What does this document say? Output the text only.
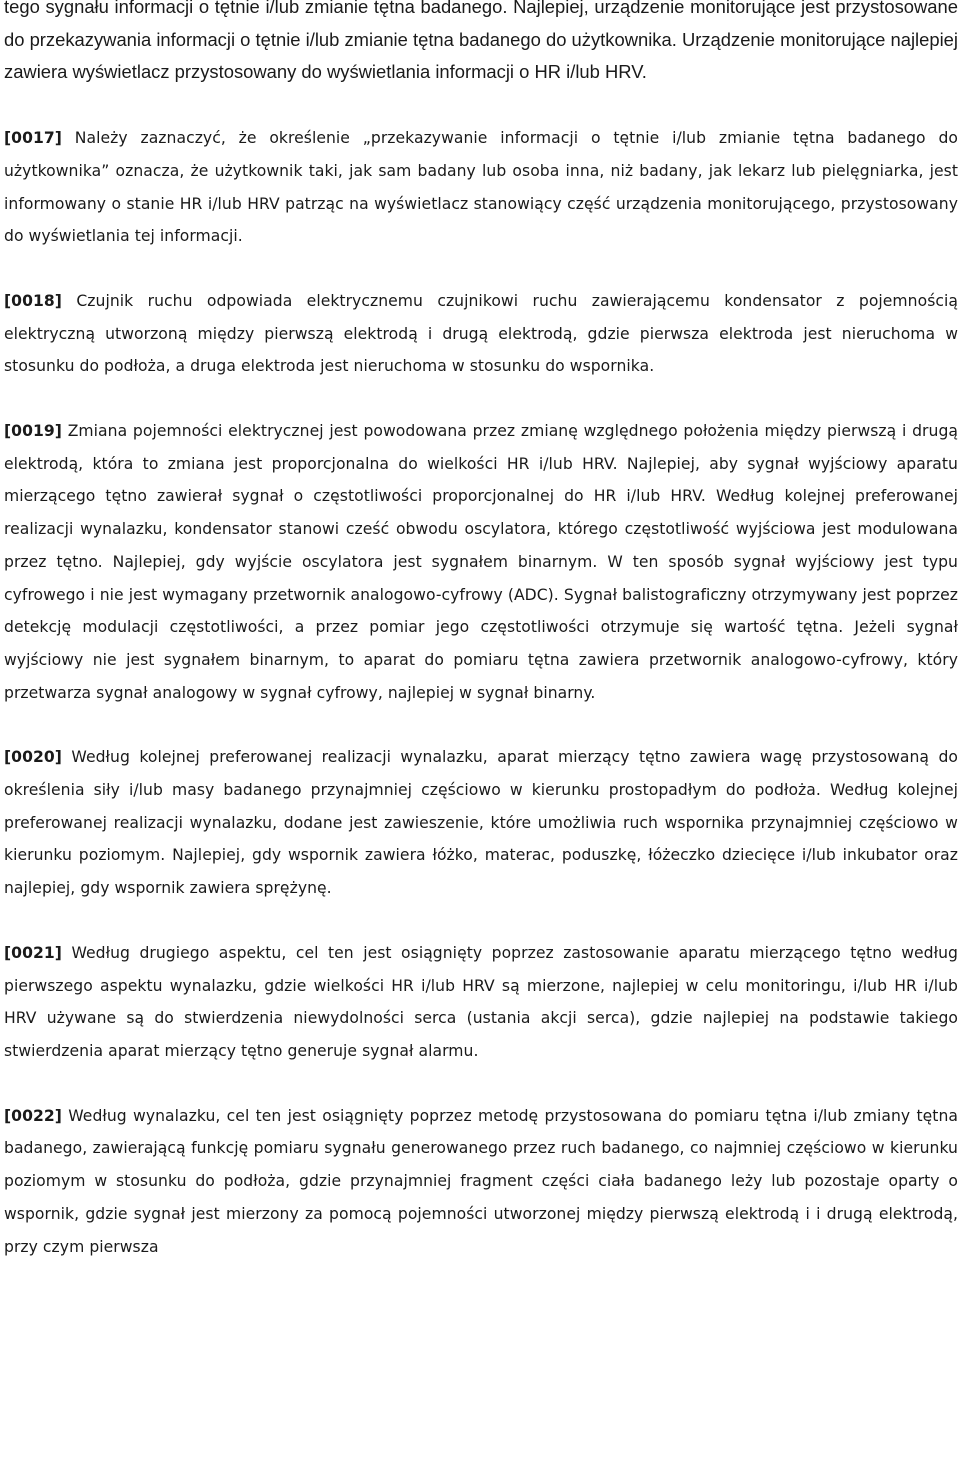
tego sygnału informacji o tętnie i/lub zmianie tętna badanego. Najlepiej, urządzenie monitorujące jest przystosowane do przekazywania informacji o tętnie i/lub zmianie tętna badanego do użytkownika. Urządzenie monitorujące najlepiej zawiera wyświetlacz przystosowany do wyświetlania informacji o HR i/lub HRV.

[0017] Należy zaznaczyć, że określenie „przekazywanie informacji o tętnie i/lub zmianie tętna badanego do użytkownika” oznacza, że użytkownik taki, jak sam badany lub osoba inna, niż badany, jak lekarz lub pielęgniarka, jest informowany o stanie HR i/lub HRV patrząc na wyświetlacz stanowiący część urządzenia monitorującego, przystosowany do wyświetlania tej informacji.

[0018] Czujnik ruchu odpowiada elektrycznemu czujnikowi ruchu zawierającemu kondensator z pojemnością elektryczną utworzoną między pierwszą elektrodą i drugą elektrodą, gdzie pierwsza elektroda jest nieruchoma w stosunku do podłoża, a druga elektroda jest nieruchoma w stosunku do wspornika.

[0019] Zmiana pojemności elektrycznej jest powodowana przez zmianę względnego położenia między pierwszą i drugą elektrodą, która to zmiana jest proporcjonalna do wielkości HR i/lub HRV. Najlepiej, aby sygnał wyjściowy aparatu mierzącego tętno zawierał sygnał o częstotliwości proporcjonalnej do HR i/lub HRV. Według kolejnej preferowanej realizacji wynalazku, kondensator stanowi cześć obwodu oscylatora, którego częstotliwość wyjściowa jest modulowana przez tętno. Najlepiej, gdy wyjście oscylatora jest sygnałem binarnym. W ten sposób sygnał wyjściowy jest typu cyfrowego i nie jest wymagany przetwornik analogowo-cyfrowy (ADC). Sygnał balistograficzny otrzymywany jest poprzez detekcję modulacji częstotliwości, a przez pomiar jego częstotliwości otrzymuje się wartość tętna. Jeżeli sygnał wyjściowy nie jest sygnałem binarnym, to aparat do pomiaru tętna zawiera przetwornik analogowo-cyfrowy, który przetwarza sygnał analogowy w sygnał cyfrowy, najlepiej w sygnał binarny.

[0020] Według kolejnej preferowanej realizacji wynalazku, aparat mierzący tętno zawiera wagę przystosowaną do określenia siły i/lub masy badanego przynajmniej częściowo w kierunku prostopadłym do podłoża. Według kolejnej preferowanej realizacji wynalazku, dodane jest zawieszenie, które umożliwia ruch wspornika przynajmniej częściowo w kierunku poziomym. Najlepiej, gdy wspornik zawiera łóżko, materac, poduszkę, łóżeczko dziecięce i/lub inkubator oraz najlepiej, gdy wspornik zawiera sprężynę.

[0021] Według drugiego aspektu, cel ten jest osiągnięty poprzez zastosowanie aparatu mierzącego tętno według pierwszego aspektu wynalazku, gdzie wielkości HR i/lub HRV są mierzone, najlepiej w celu monitoringu, i/lub HR i/lub HRV używane są do stwierdzenia niewydolności serca (ustania akcji serca), gdzie najlepiej na podstawie takiego stwierdzenia aparat mierzący tętno generuje sygnał alarmu.

[0022] Według wynalazku, cel ten jest osiągnięty poprzez metodę przystosowana do pomiaru tętna i/lub zmiany tętna badanego, zawierającą funkcję pomiaru sygnału generowanego przez ruch badanego, co najmniej częściowo w kierunku poziomym w stosunku do podłoża, gdzie przynajmniej fragment części ciała badanego leży lub pozostaje oparty o wspornik, gdzie sygnał jest mierzony za pomocą pojemności utworzonej między pierwszą elektrodą i i drugą elektrodą, przy czym pierwsza
